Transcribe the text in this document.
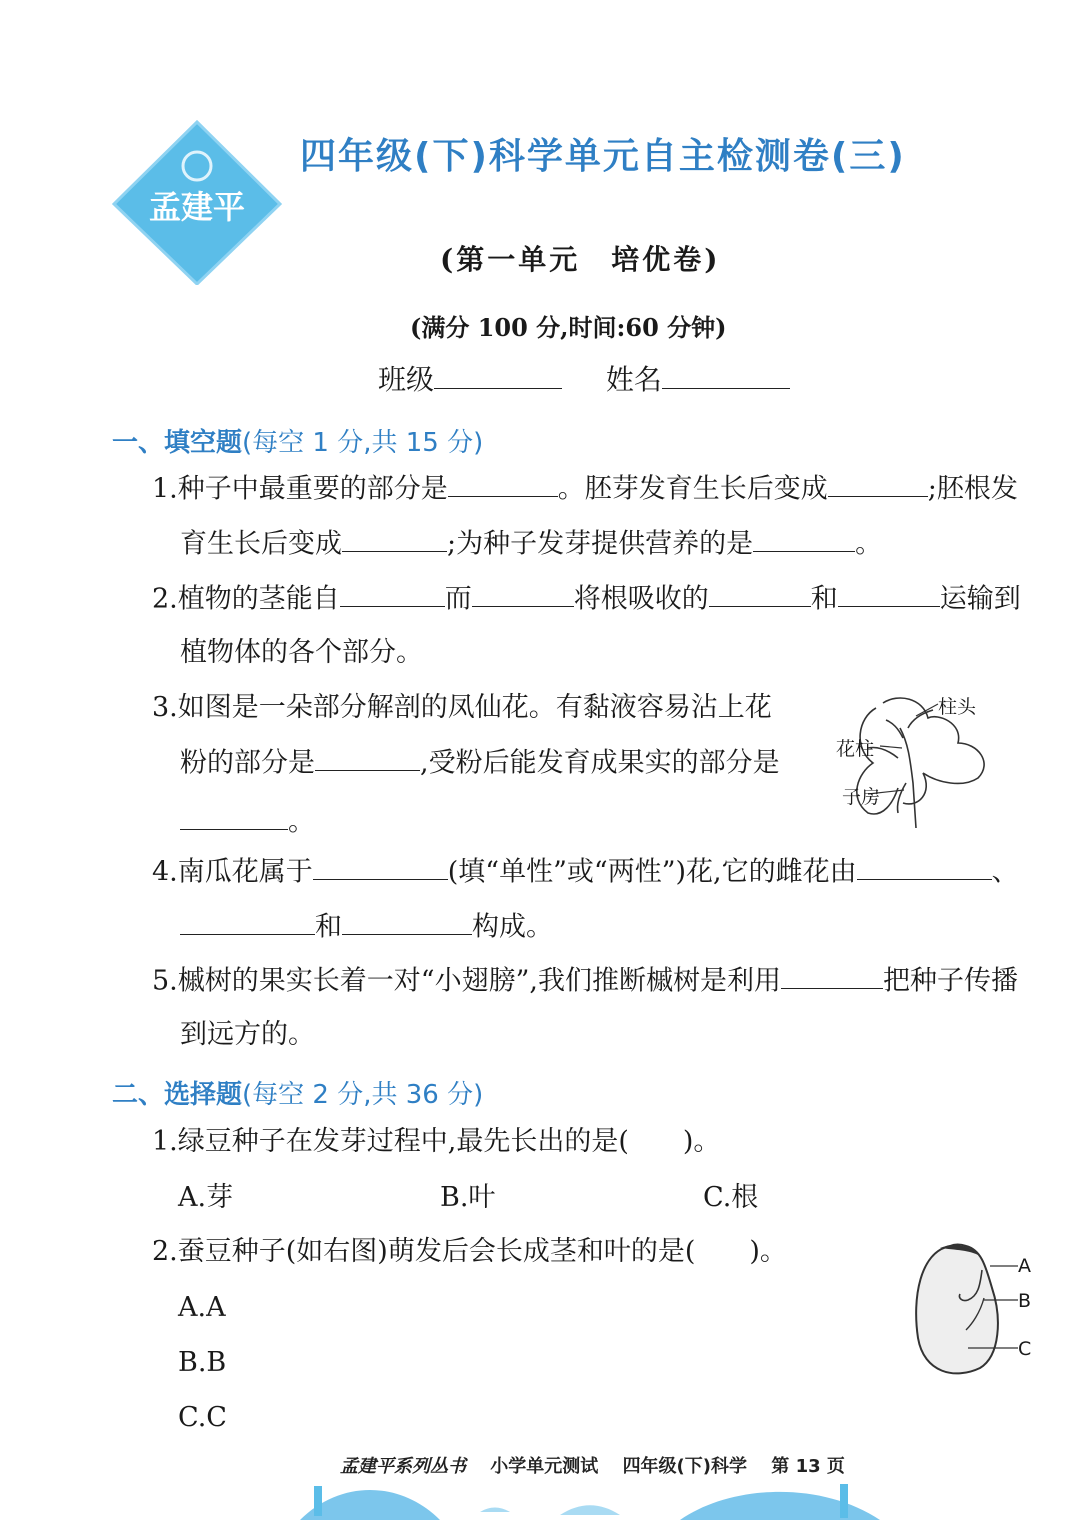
孟建平
四年级(下)科学单元自主检测卷(三)
(第一单元　培优卷)
(满分 100 分,时间:60 分钟)
班级	姓名
一、填空题(每空 1 分,共 15 分)
1.种子中最重要的部分是	。胚芽发育生长后变成	;胚根发
育生长后变成	;为种子发芽提供营养的是	。
2.植物的茎能自	而	将根吸收的	和	运输到
植物体的各个部分。
3.如图是一朵部分解剖的凤仙花。有黏液容易沾上花
粉的部分是	,受粉后能发育成果实的部分是
。
柱头
花柱
子房
4.南瓜花属于	(填“单性”或“两性”)花,它的雌花由	、
和	构成。
5.槭树的果实长着一对“小翅膀”,我们推断槭树是利用	把种子传播
到远方的。
二、选择题(每空 2 分,共 36 分)
1.绿豆种子在发芽过程中,最先长出的是(　　)。
A.芽	B.叶	C.根
2.蚕豆种子(如右图)萌发后会长成茎和叶的是(　　)。
A.A
B.B
C.C
A
B
C
孟建平系列丛书 小学单元测试 四年级(下)科学 第 13 页
